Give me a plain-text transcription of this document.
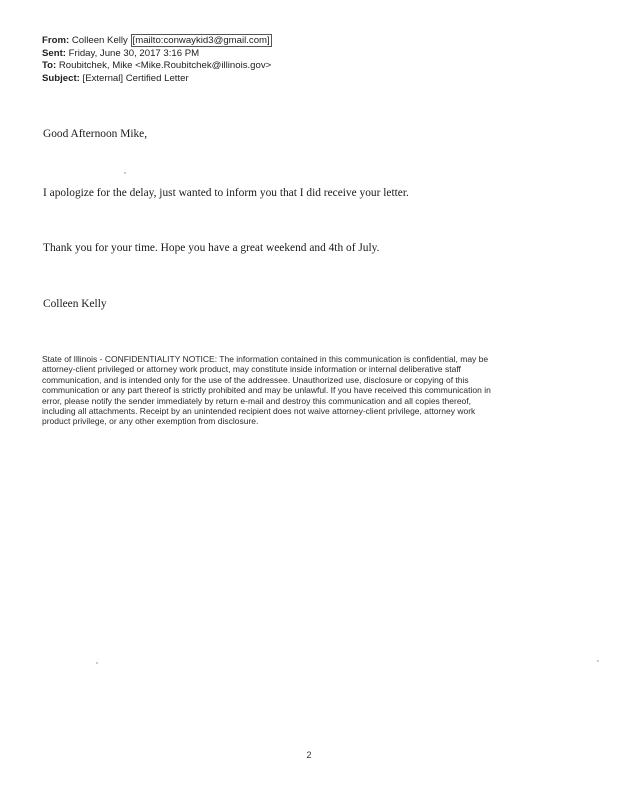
From: Colleen Kelly [mailto:conwaykid3@gmail.com]
Sent: Friday, June 30, 2017 3:16 PM
To: Roubitchek, Mike <Mike.Roubitchek@illinois.gov>
Subject: [External] Certified Letter
Good Afternoon Mike,
I apologize for the delay, just wanted to inform you that I did receive your letter.
Thank you for your time. Hope you have a great weekend and 4th of July.
Colleen Kelly
State of Illinois - CONFIDENTIALITY NOTICE: The information contained in this communication is confidential, may be
attorney-client privileged or attorney work product, may constitute inside information or internal deliberative staff
communication, and is intended only for the use of the addressee. Unauthorized use, disclosure or copying of this
communication or any part thereof is strictly prohibited and may be unlawful. If you have received this communication in
error, please notify the sender immediately by return e-mail and destroy this communication and all copies thereof,
including all attachments. Receipt by an unintended recipient does not waive attorney-client privilege, attorney work
product privilege, or any other exemption from disclosure.
2
